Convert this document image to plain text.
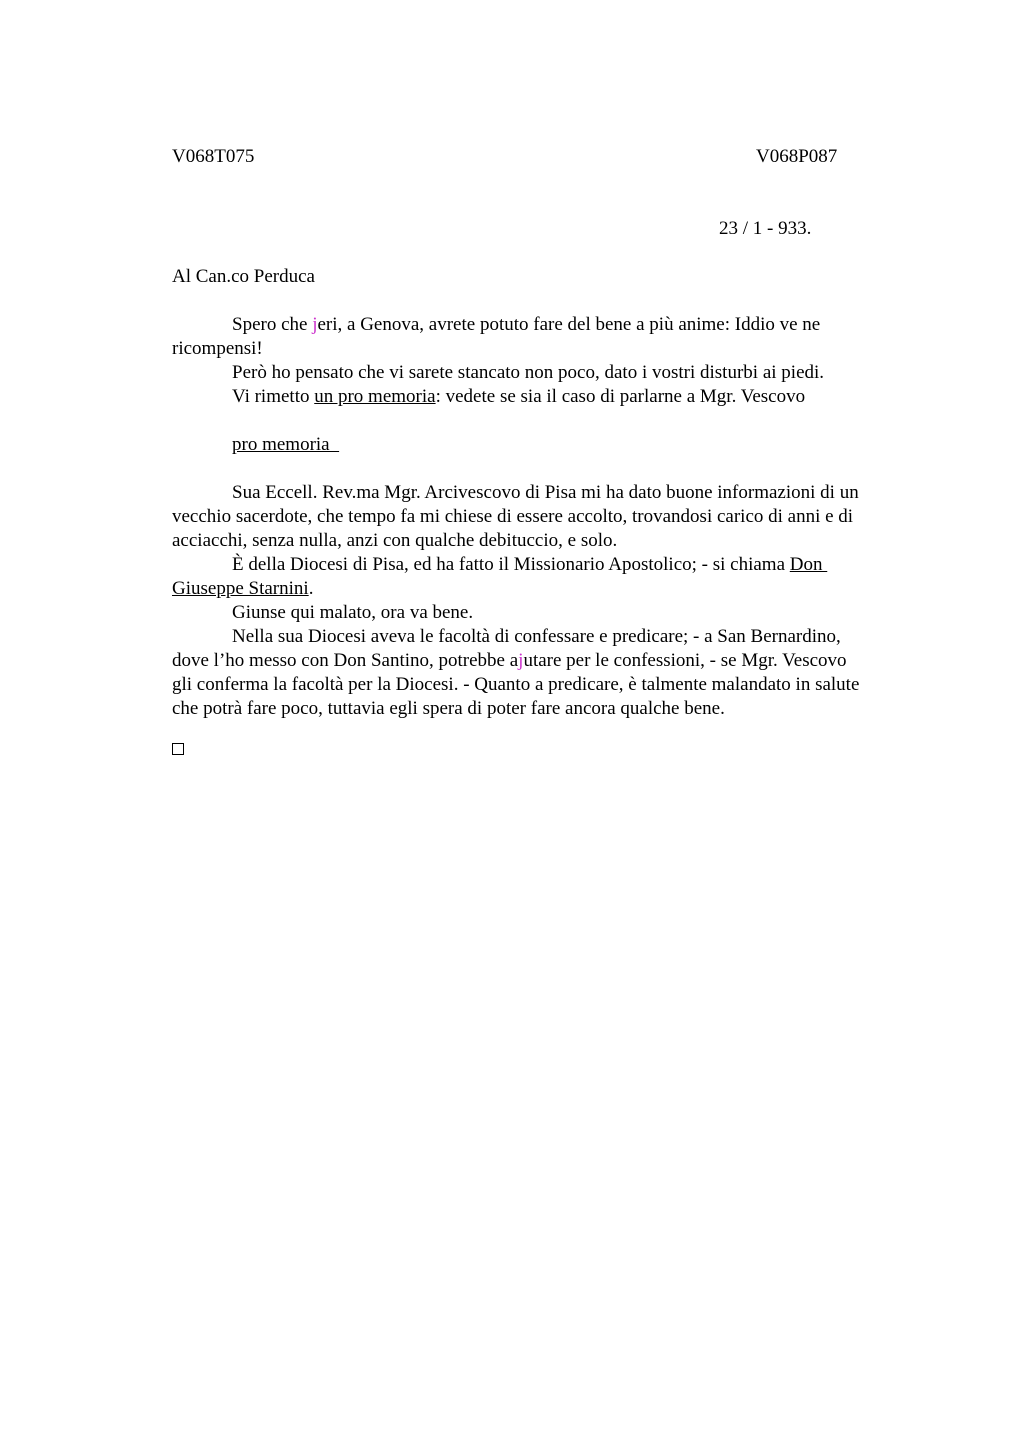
V068T075	V068P087
23 / 1 - 933.
Al Can.co Perduca
Spero che jeri, a Genova, avrete potuto fare del bene a più anime: Iddio ve ne
ricompensi!
Però ho pensato che vi sarete stancato non poco, dato i vostri disturbi ai piedi.
Vi rimetto un pro memoria: vedete se sia il caso di parlarne a Mgr. Vescovo
pro memoria
Sua Eccell. Rev.ma Mgr. Arcivescovo di Pisa mi ha dato buone informazioni di un
vecchio sacerdote, che tempo fa mi chiese di essere accolto, trovandosi carico di anni e di
acciacchi, senza nulla, anzi con qualche debituccio, e solo.
È della Diocesi di Pisa, ed ha fatto il Missionario Apostolico; - si chiama Don
Giuseppe Starnini.
Giunse qui malato, ora va bene.
Nella sua Diocesi aveva le facoltà di confessare e predicare; - a San Bernardino,
dove l’ho messo con Don Santino, potrebbe ajutare per le confessioni, - se Mgr. Vescovo
gli conferma la facoltà per la Diocesi. - Quanto a predicare, è talmente malandato in salute
che potrà fare poco, tuttavia egli spera di poter fare ancora qualche bene.
